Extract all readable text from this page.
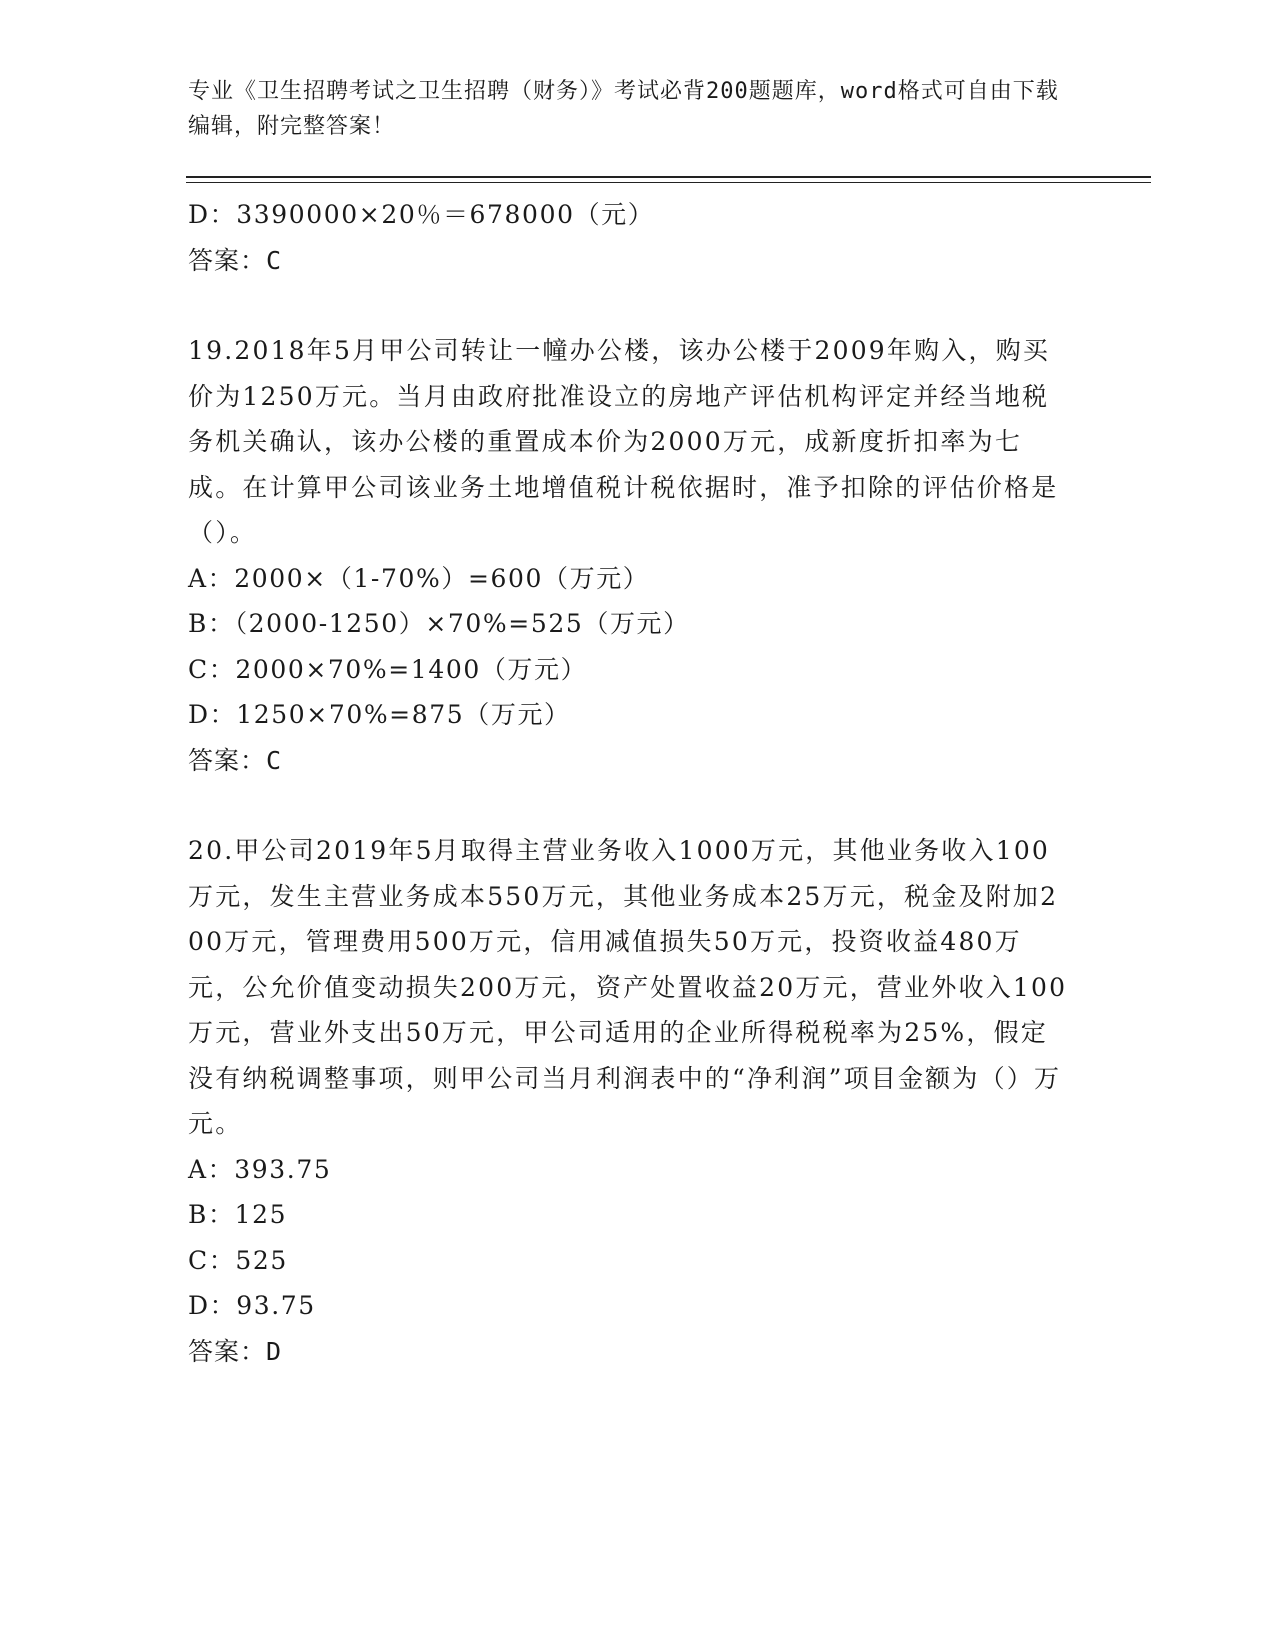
专业《卫生招聘考试之卫生招聘（财务）》考试必背200题题库，word格式可自由下载编辑，附完整答案！
D：3390000×20％＝678000（元）
答案：C
19.2018年5月甲公司转让一幢办公楼，该办公楼于2009年购入，购买价为1250万元。当月由政府批准设立的房地产评估机构评定并经当地税务机关确认，该办公楼的重置成本价为2000万元，成新度折扣率为七成。在计算甲公司该业务土地增值税计税依据时，准予扣除的评估价格是（）。
A：2000×（1-70%）=600（万元）
B：（2000-1250）×70%=525（万元）
C：2000×70%=1400（万元）
D：1250×70%=875（万元）
答案：C
20.甲公司2019年5月取得主营业务收入1000万元，其他业务收入100万元，发生主营业务成本550万元，其他业务成本25万元，税金及附加200万元，管理费用500万元，信用减值损失50万元，投资收益480万元，公允价值变动损失200万元，资产处置收益20万元，营业外收入100万元，营业外支出50万元，甲公司适用的企业所得税税率为25%，假定没有纳税调整事项，则甲公司当月利润表中的“净利润”项目金额为（）万元。
A：393.75
B：125
C：525
D：93.75
答案：D
